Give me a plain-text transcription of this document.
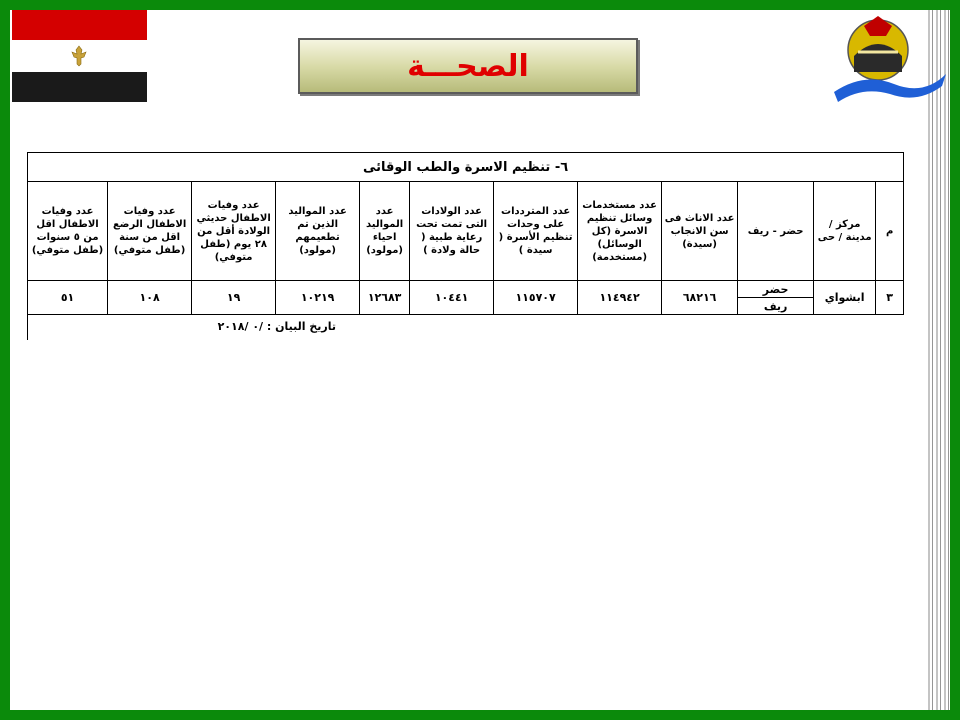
الصحـــة
٦- تنظيم الاسرة والطب الوقائى											
م	مركز / مدينة / حى	حضر - ريف	عدد الاناث فى سن الانجاب (سيدة)	عدد مستخدمات وسائل تنظيم الاسرة (كل الوسائل) (مستخدمة)	عدد المترددات على وحدات تنظيم الأسرة ( سيدة )	عدد الولادات التى تمت تحت رعاية طبية ( حالة ولادة )	عدد المواليد احياء (مولود)	عدد المواليد الذين تم تطعيمهم (مولود)	عدد وفيات الاطفال حديثي الولادة أقل من ٢٨ يوم (طفل متوفي)	عدد وفيات الاطفال الرضع اقل من سنة (طفل متوفي)	عدد وفيات الاطفال اقل من ٥ سنوات (طفل متوفي)
٣	ابشواي	حضر	٦٨٢١٦	١١٤٩٤٢	١١٥٧٠٧	١٠٤٤١	١٢٦٨٣	١٠٢١٩	١٩	١٠٨	٥١
		ريف									
تاريخ البيان : /٠ /٢٠١٨
